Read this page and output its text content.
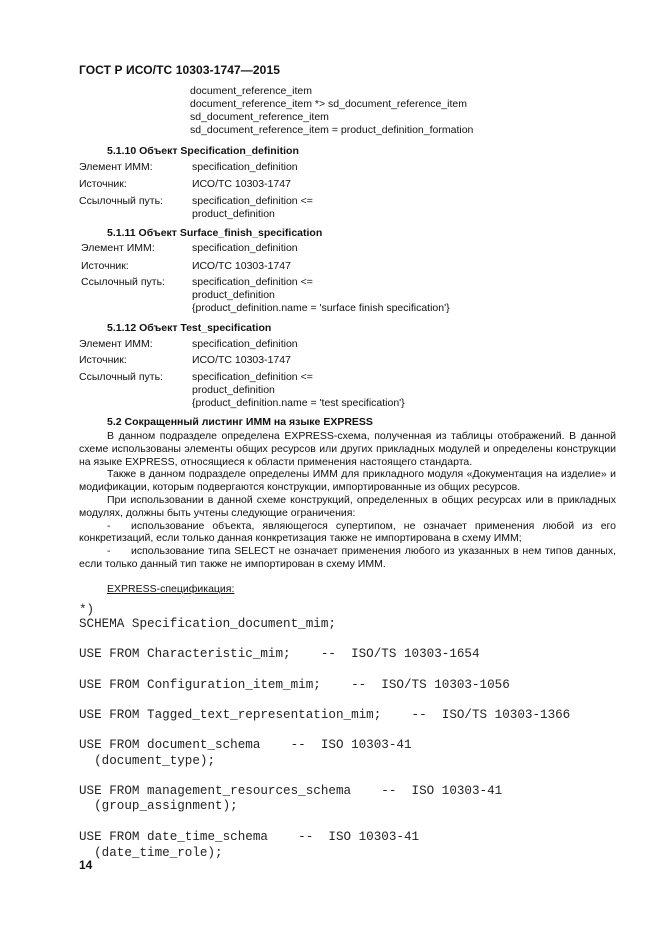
ГОСТ Р ИСО/ТС 10303-1747—2015
document_reference_item
document_reference_item *> sd_document_reference_item
sd_document_reference_item
sd_document_reference_item = product_definition_formation
5.1.10 Объект Specification_definition
Элемент ИММ:	specification_definition
Источник:	ИСО/ТС 10303-1747
Ссылочный путь:	specification_definition <=
product_definition
5.1.11 Объект Surface_finish_specification
Элемент ИММ:	specification_definition
Источник:	ИСО/ТС 10303-1747
Ссылочный путь:	specification_definition <=
product_definition
{product_definition.name = 'surface finish specification'}
5.1.12 Объект Test_specification
Элемент ИММ:	specification_definition
Источник:	ИСО/ТС 10303-1747
Ссылочный путь:	specification_definition <=
product_definition
{product_definition.name = 'test specification'}
5.2 Сокращенный листинг ИММ на языке EXPRESS

В данном подразделе определена EXPRESS-схема, полученная из таблицы отображений. В данной схеме использованы элементы общих ресурсов или других прикладных модулей и определены конструкции на языке EXPRESS, относящиеся к области применения настоящего стандарта.

Также в данном подразделе определены ИММ для прикладного модуля «Документация на изделие» и модификации, которым подвергаются конструкции, импортированные из общих ресурсов.

При использовании в данной схеме конструкций, определенных в общих ресурсах или в прикладных модулях, должны быть учтены следующие ограничения:

- использование объекта, являющегося супертипом, не означает применения любой из его конкретизаций, если только данная конкретизация также не импортирована в схему ИММ;

- использование типа SELECT не означает применения любого из указанных в нем типов данных, если только данный тип также не импортирован в схему ИММ.

EXPRESS-спецификация:
*)
SCHEMA Specification_document_mim;
USE FROM Characteristic_mim;    --  ISO/TS 10303-1654
USE FROM Configuration_item_mim;    --  ISO/TS 10303-1056
USE FROM Tagged_text_representation_mim;    --  ISO/TS 10303-1366
USE FROM document_schema    --  ISO 10303-41
(document_type);
USE FROM management_resources_schema    --  ISO 10303-41
(group_assignment);
USE FROM date_time_schema    --  ISO 10303-41
(date_time_role);
14
